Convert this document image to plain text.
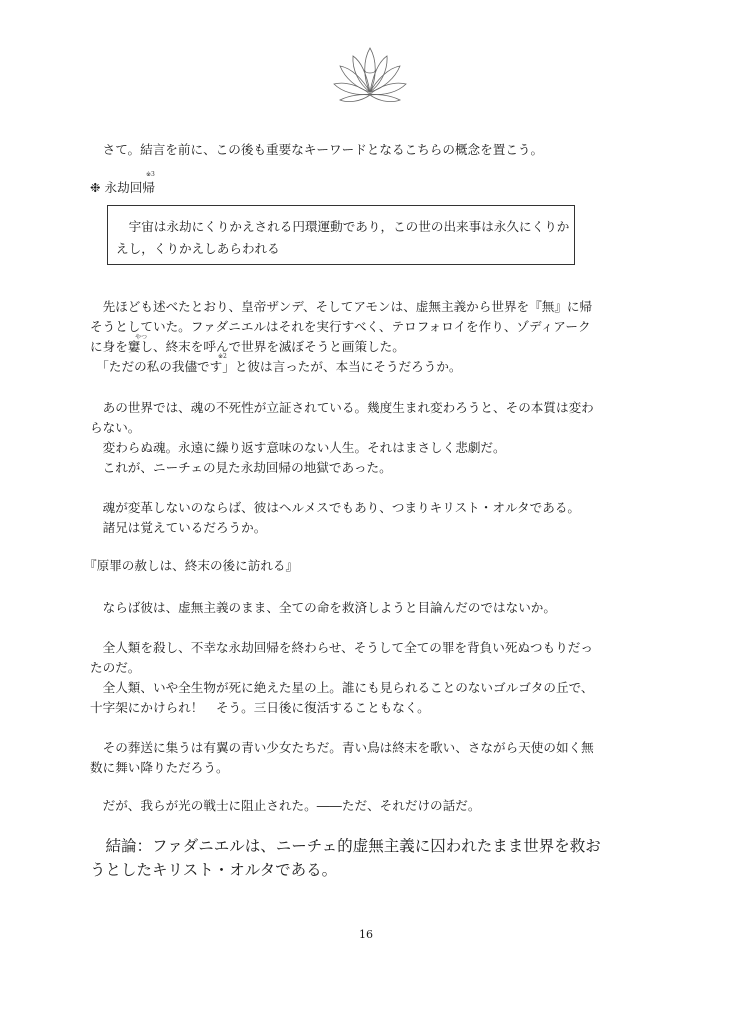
　さて。結言を前に、この後も重要なキーワードとなるこちらの概念を置こう。

❉ 永劫回帰
※3
　宇宙は永劫にくりかえされる円環運動であり，この世の出来事は永久にくりか
えし，くりかえしあらわれる

　先ほども述べたとおり、皇帝ザンデ、そしてアモンは、虚無主義から世界を『無』に帰
そうとしていた。ファダニエルはそれを実行すべく、テロフォロイを作り、ゾディアーク
に身を窶し、終末を呼んで世界を滅ぼそうと画策した。
　「ただの私の我儘です」と彼は言ったが、本当にそうだろうか。

やつ
※2

　あの世界では、魂の不死性が立証されている。幾度生まれ変わろうと、その本質は変わ
らない。
　変わらぬ魂。永遠に繰り返す意味のない人生。それはまさしく悲劇だ。
　これが、ニーチェの見た永劫回帰の地獄であった。

　魂が変革しないのならば、彼はヘルメスでもあり、つまりキリスト・オルタである。
　諸兄は覚えているだろうか。

『原罪の赦しは、終末の後に訪れる』

　ならば彼は、虚無主義のまま、全ての命を救済しようと目論んだのではないか。

　全人類を殺し、不幸な永劫回帰を終わらせ、そうして全ての罪を背負い死ぬつもりだっ
たのだ。
　全人類、いや全生物が死に絶えた星の上。誰にも見られることのないゴルゴタの丘で、
十字架にかけられ！　そう。三日後に復活することもなく。

　その葬送に集うは有翼の青い少女たちだ。青い鳥は終末を歌い、さながら天使の如く無
数に舞い降りただろう。

　だが、我らが光の戦士に阻止された。――ただ、それだけの話だ。

　結論：ファダニエルは、ニーチェ的虚無主義に囚われたまま世界を救お
うとしたキリスト・オルタである。
16
